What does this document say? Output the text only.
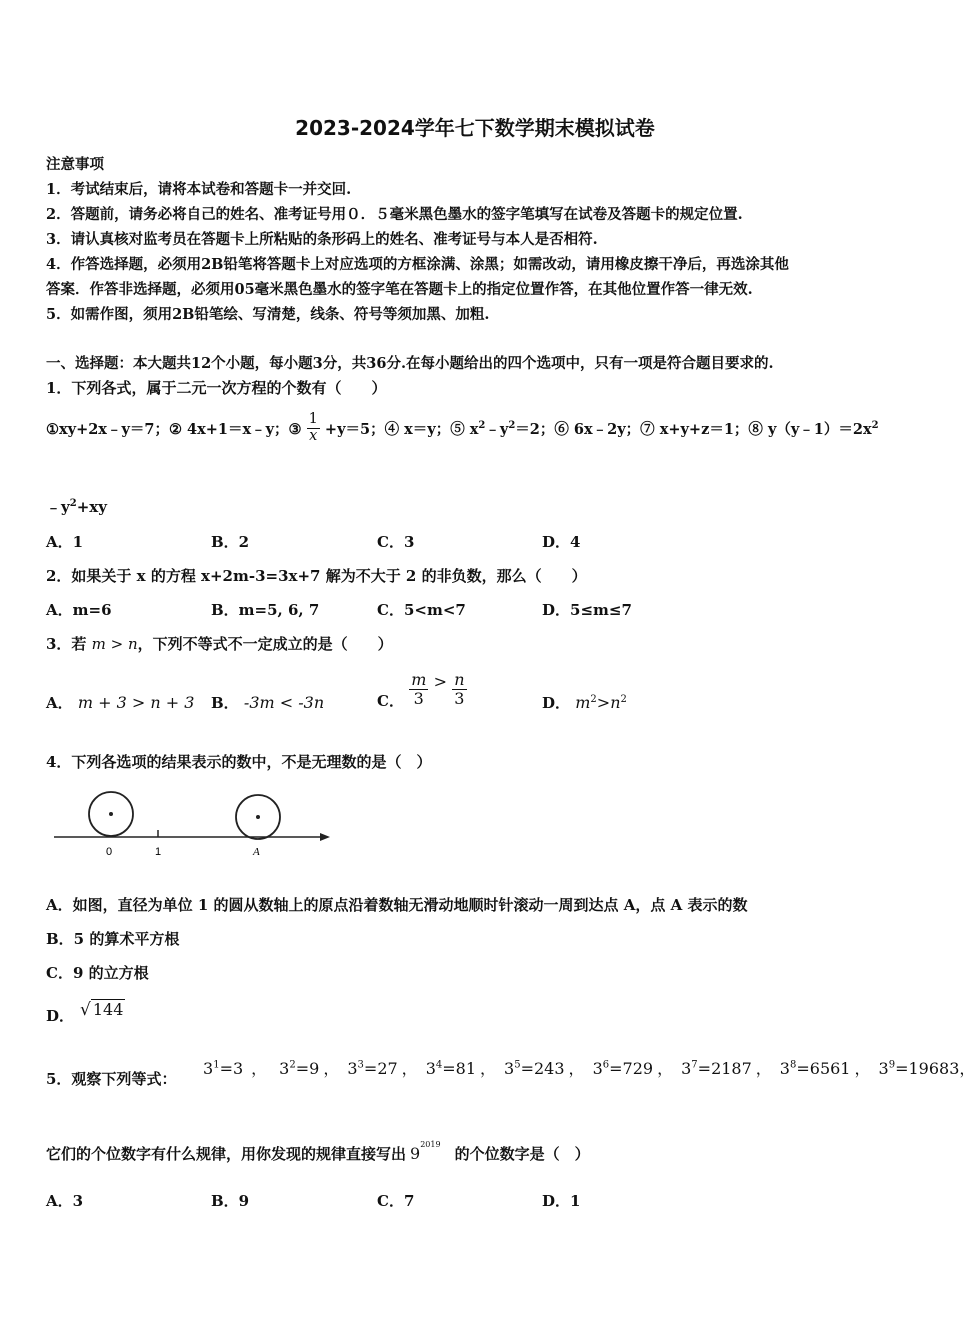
2023-2024学年七下数学期末模拟试卷
注意事项
1．考试结束后，请将本试卷和答题卡一并交回.
2．答题前，请务必将自己的姓名、准考证号用０．５毫米黑色墨水的签字笔填写在试卷及答题卡的规定位置.
3．请认真核对监考员在答题卡上所粘贴的条形码上的姓名、准考证号与本人是否相符.
4．作答选择题，必须用2B铅笔将答题卡上对应选项的方框涂满、涂黑；如需改动，请用橡皮擦干净后，再选涂其他
答案．作答非选择题，必须用05毫米黑色墨水的签字笔在答题卡上的指定位置作答，在其他位置作答一律无效.
5．如需作图，须用2B铅笔绘、写清楚，线条、符号等须加黑、加粗.
一、选择题：本大题共12个小题，每小题3分，共36分.在每小题给出的四个选项中，只有一项是符合题目要求的.
1．下列各式，属于二元一次方程的个数有（　　）
①xy+2x﹣y＝7；② 4x+1＝x﹣y；③ $\frac{1}{x} +y=5$；④ x＝y；⑤ $x^2﹣y^2=2$；⑥ 6x﹣2y；⑦ x+y+z＝1；⑧ $y(y﹣1)=2x^2$
$﹣y^2+xy$
A．1	B．2	C．3	D．4
2．如果关于 x 的方程 x+2m-3=3x+7 解为不大于 2 的非负数，那么（　　）
A．m=6	B．m=5, 6, 7	C．5<m<7	D．5≤m≤7
3．若 m > n，下列不等式不一定成立的是（　　）
A． m + 3 > n + 3 B． -3m < -3n	C． $\frac{m}{3} > \frac{n}{3}$	D． $m^2>n^2$
4．下列各选项的结果表示的数中，不是无理数的是（　）
0	1	A
A．如图，直径为单位 1 的圆从数轴上的原点沿着数轴无滑动地顺时针滚动一周到达点 A，点 A 表示的数
B．5 的算术平方根
C．9 的立方根
D． √ 144
5．观察下列等式：
$3^1=3$ ， $3^2=9$ ， $3^3=27$ ， $3^4=81$ ， $3^5=243$ ， $3^6=729$ ， $3^7=2187$ ， $3^8=6561$ ， $3^9=19683$，
它们的个位数字有什么规律，用你发现的规律直接写出 $9^{2019}$的个位数字是（　）
A．3	B．9	C．7	D．1
